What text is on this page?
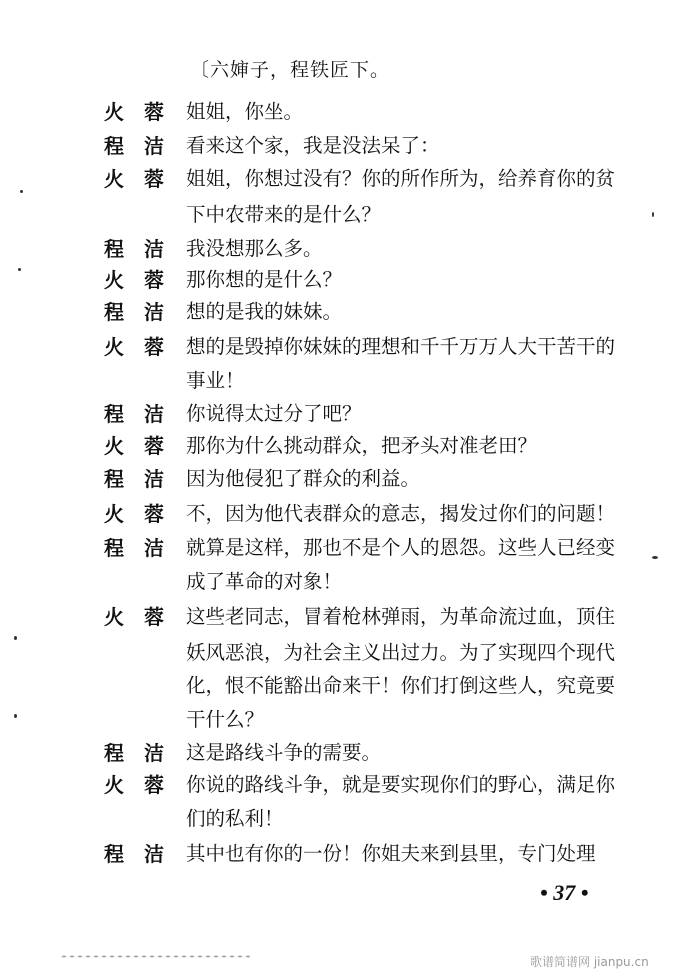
〔六婶子，程铁匠下。
火 蓉 姐姐，你坐。
程 洁 看来这个家，我是没法呆了：
火 蓉 姐姐，你想过没有？你的所作所为，给养育你的贫
下中农带来的是什么？
程 洁 我没想那么多。
火 蓉 那你想的是什么？
程 洁 想的是我的妹妹。
火 蓉 想的是毁掉你妹妹的理想和千千万万人大干苦干的
事业！
程 洁 你说得太过分了吧？
火 蓉 那你为什么挑动群众，把矛头对准老田？
程 洁 因为他侵犯了群众的利益。
火 蓉 不，因为他代表群众的意志，揭发过你们的问题！
程 洁 就算是这样，那也不是个人的恩怨。这些人已经变
成了革命的对象！
火 蓉 这些老同志，冒着枪林弹雨，为革命流过血，顶住
妖风恶浪，为社会主义出过力。为了实现四个现代
化，恨不能豁出命来干！你们打倒这些人，究竟要
干什么？
程 洁 这是路线斗争的需要。
火 蓉 你说的路线斗争，就是要实现你们的野心，满足你
们的私利！
程 洁 其中也有你的一份！你姐夫来到县里，专门处理
• 37 •
歌谱简谱网 jianpu.cn
